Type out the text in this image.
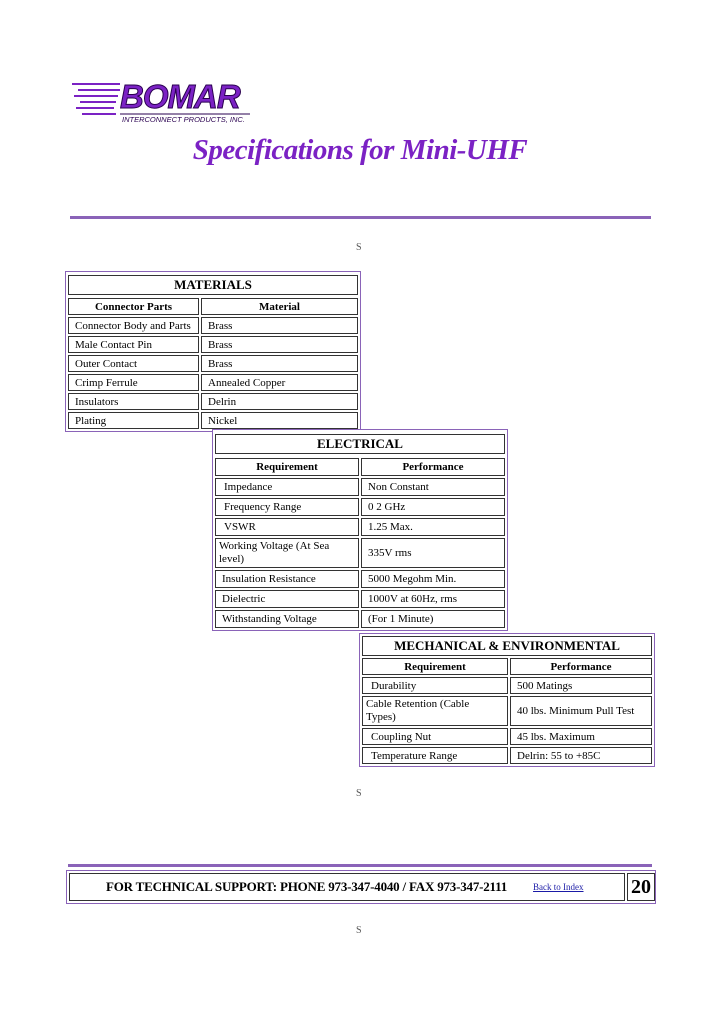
BOMAR
INTERCONNECT PRODUCTS, INC.
Specifications for Mini-UHF
S
MATERIALS	

Connector Parts	Material
Connector Body and Parts	Brass
Male Contact Pin	Brass
Outer Contact	Brass
Crimp Ferrule	Annealed Copper
Insulators	Delrin
Plating	Nickel
ELECTRICAL	

Requirement	Performance
Impedance	Non Constant
Frequency Range	0 2 GHz
VSWR	1.25 Max.
Working Voltage (At Sea level)	335V rms
Insulation Resistance	5000 Megohm Min.
Dielectric	1000V at 60Hz, rms
Withstanding Voltage	(For 1 Minute)
MECHANICAL & ENVIRONMENTAL	

Requirement	Performance
Durability	500 Matings
Cable Retention (Cable Types)	40 lbs. Minimum Pull Test
Coupling Nut	45 lbs. Maximum
Temperature Range	Delrin: 55 to +85C
S
FOR TECHNICAL SUPPORT: PHONE 973-347-4040 / FAX 973-347-2111	Back to Index 20
S
